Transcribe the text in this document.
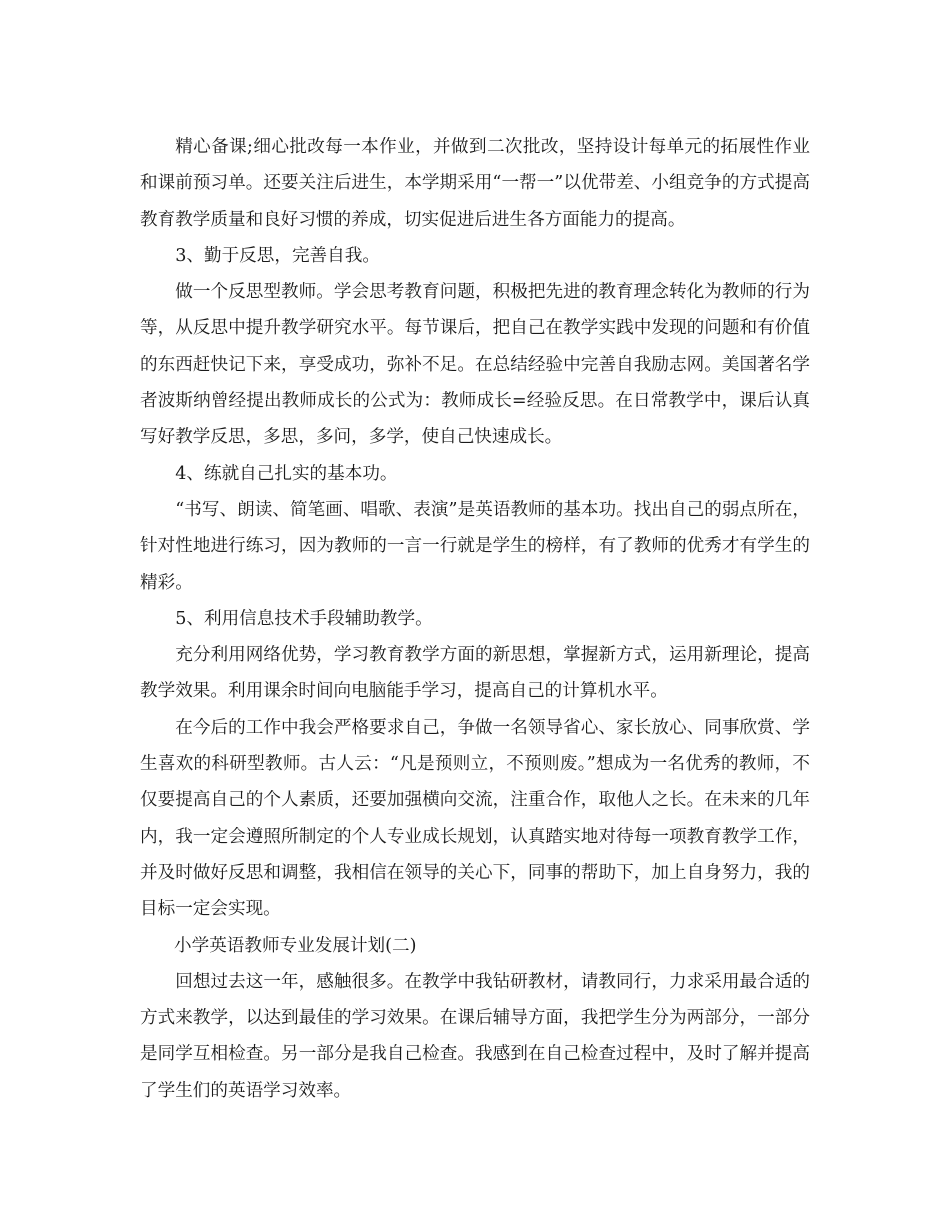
精心备课;细心批改每一本作业，并做到二次批改，坚持设计每单元的拓展性作业和课前预习单。还要关注后进生，本学期采用“一帮一”以优带差、小组竞争的方式提高教育教学质量和良好习惯的养成，切实促进后进生各方面能力的提高。

3、勤于反思，完善自我。

做一个反思型教师。学会思考教育问题，积极把先进的教育理念转化为教师的行为等，从反思中提升教学研究水平。每节课后，把自己在教学实践中发现的问题和有价值的东西赶快记下来，享受成功，弥补不足。在总结经验中完善自我励志网。美国著名学者波斯纳曾经提出教师成长的公式为：教师成长=经验反思。在日常教学中，课后认真写好教学反思，多思，多问，多学，使自己快速成长。

4、练就自己扎实的基本功。

“书写、朗读、简笔画、唱歌、表演”是英语教师的基本功。找出自己的弱点所在，针对性地进行练习，因为教师的一言一行就是学生的榜样，有了教师的优秀才有学生的精彩。

5、利用信息技术手段辅助教学。

充分利用网络优势，学习教育教学方面的新思想，掌握新方式，运用新理论，提高教学效果。利用课余时间向电脑能手学习，提高自己的计算机水平。

在今后的工作中我会严格要求自己，争做一名领导省心、家长放心、同事欣赏、学生喜欢的科研型教师。古人云：“凡是预则立，不预则废。”想成为一名优秀的教师，不仅要提高自己的个人素质，还要加强横向交流，注重合作，取他人之长。在未来的几年内，我一定会遵照所制定的个人专业成长规划，认真踏实地对待每一项教育教学工作，并及时做好反思和调整，我相信在领导的关心下，同事的帮助下，加上自身努力，我的目标一定会实现。

小学英语教师专业发展计划(二)

回想过去这一年，感触很多。在教学中我钻研教材，请教同行，力求采用最合适的方式来教学，以达到最佳的学习效果。在课后辅导方面，我把学生分为两部分，一部分是同学互相检查。另一部分是我自己检查。我感到在自己检查过程中，及时了解并提高了学生们的英语学习效率。
